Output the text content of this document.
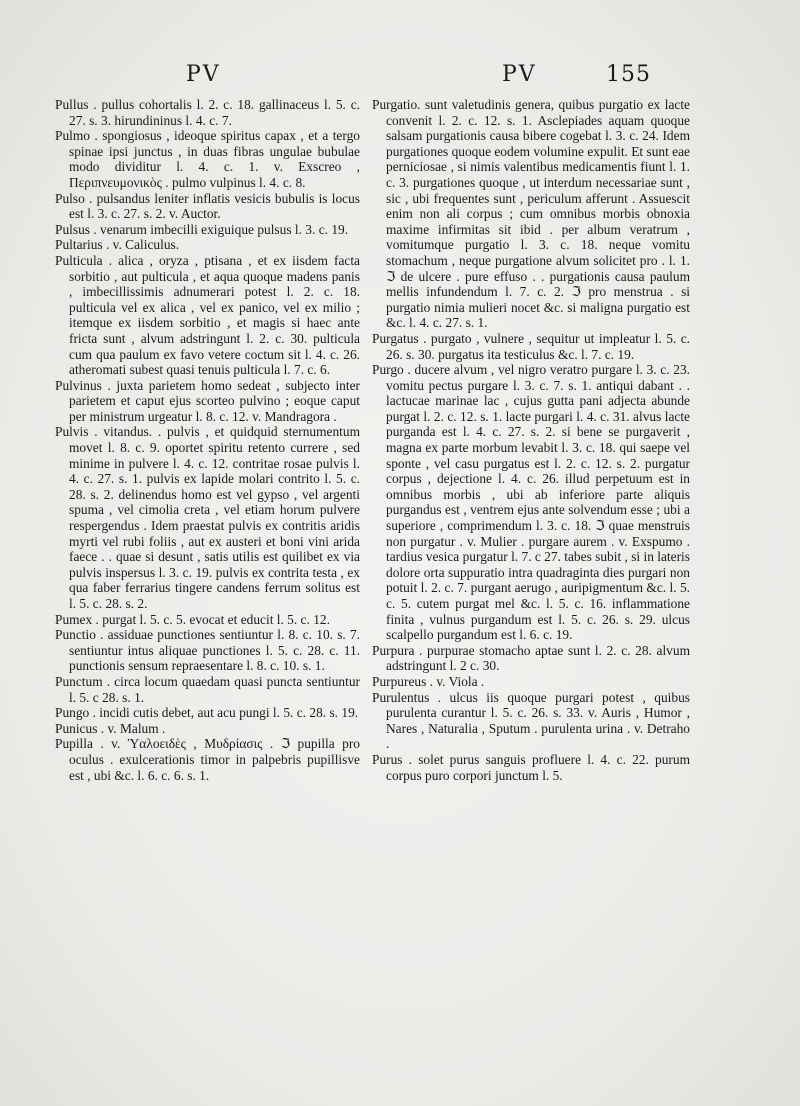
PV	PV	155

Pullus . pullus cohortalis l. 2. c. 18. gallinaceus l. 5. c. 27. s. 3. hirundininus l. 4. c. 7.

Pulmo . spongiosus , ideoque spiritus capax , et a tergo spinae ipsi junctus , in duas fibras ungulae bubulae modo dividitur l. 4. c. 1. v. Exscreo , Περιπνευμονικὸς . pulmo vulpinus l. 4. c. 8.

Pulso . pulsandus leniter inflatis vesicis bubulis is locus est l. 3. c. 27. s. 2. v. Auctor.

Pulsus . venarum imbecilli exiguique pulsus l. 3. c. 19.

Pultarius . v. Caliculus.

Pulticula . alica , oryza , ptisana , et ex iisdem facta sorbitio , aut pulticula , et aqua quoque madens panis , imbecillissimis adnumerari potest l. 2. c. 18. pulticula vel ex alica , vel ex panico, vel ex milio ; itemque ex iisdem sorbitio , et magis si haec ante fricta sunt , alvum adstringunt l. 2. c. 30. pulticula cum qua paulum ex favo vetere coctum sit l. 4. c. 26. atheromati subest quasi tenuis pulticula l. 7. c. 6.

Pulvinus . juxta parietem homo sedeat , subjecto inter parietem et caput ejus scorteo pulvino ; eoque caput per ministrum urgeatur l. 8. c. 12. v. Mandragora .

Pulvis . vitandus. . pulvis , et quidquid sternumentum movet l. 8. c. 9. oportet spiritu retento currere , sed minime in pulvere l. 4. c. 12. contritae rosae pulvis l. 4. c. 27. s. 1. pulvis ex lapide molari contrito l. 5. c. 28. s. 2. delinendus homo est vel gypso , vel argenti spuma , vel cimolia creta , vel etiam horum pulvere respergendus . Idem praestat pulvis ex contritis aridis myrti vel rubi foliis , aut ex austeri et boni vini arida faece . . quae si desunt , satis utilis est quilibet ex via pulvis inspersus l. 3. c. 19. pulvis ex contrita testa , ex qua faber ferrarius tingere candens ferrum solitus est l. 5. c. 28. s. 2.

Pumex . purgat l. 5. c. 5. evocat et educit l. 5. c. 12.

Punctio . assiduae punctiones sentiuntur l. 8. c. 10. s. 7. sentiuntur intus aliquae punctiones l. 5. c. 28. c. 11. punctionis sensum repraesentare l. 8. c. 10. s. 1.

Punctum . circa locum quaedam quasi puncta sentiuntur l. 5. c 28. s. 1.

Pungo . incidi cutis debet, aut acu pungi l. 5. c. 28. s. 19.

Punicus . v. Malum .

Pupilla . v. Ὑαλοειδὲς , Μυδρίασις . ℑ pupilla pro oculus . exulcerationis timor in palpebris pupillisve est , ubi &c. l. 6. c. 6. s. 1.

Purgatio. sunt valetudinis genera, quibus purgatio ex lacte convenit l. 2. c. 12. s. 1. Asclepiades aquam quoque salsam purgationis causa bibere cogebat l. 3. c. 24. Idem purgationes quoque eodem volumine expulit. Et sunt eae perniciosae , si nimis valentibus medicamentis fiunt l. 1. c. 3. purgationes quoque , ut interdum necessariae sunt , sic , ubi frequentes sunt , periculum afferunt . Assuescit enim non ali corpus ; cum omnibus morbis obnoxia maxime infirmitas sit ibid . per album veratrum , vomitumque purgatio l. 3. c. 18. neque vomitu stomachum , neque purgatione alvum solicitet pro . l. 1. ℑ de ulcere . pure effuso . . purgationis causa paulum mellis infundendum l. 7. c. 2. ℑ pro menstrua . si purgatio nimia mulieri nocet &c. si maligna purgatio est &c. l. 4. c. 27. s. 1.

Purgatus . purgato , vulnere , sequitur ut impleatur l. 5. c. 26. s. 30. purgatus ita testiculus &c. l. 7. c. 19.

Purgo . ducere alvum , vel nigro veratro purgare l. 3. c. 23. vomitu pectus purgare l. 3. c. 7. s. 1. antiqui dabant . . lactucae marinae lac , cujus gutta pani adjecta abunde purgat l. 2. c. 12. s. 1. lacte purgari l. 4. c. 31. alvus lacte purganda est l. 4. c. 27. s. 2. si bene se purgaverit , magna ex parte morbum levabit l. 3. c. 18. qui saepe vel sponte , vel casu purgatus est l. 2. c. 12. s. 2. purgatur corpus , dejectione l. 4. c. 26. illud perpetuum est in omnibus morbis , ubi ab inferiore parte aliquis purgandus est , ventrem ejus ante solvendum esse ; ubi a superiore , comprimendum l. 3. c. 18. ℑ quae menstruis non purgatur . v. Mulier . purgare aurem . v. Exspumo . tardius vesica purgatur l. 7. c 27. tabes subit , si in lateris dolore orta suppuratio intra quadraginta dies purgari non potuit l. 2. c. 7. purgant aerugo , auripigmentum &c. l. 5. c. 5. cutem purgat mel &c. l. 5. c. 16. inflammatione finita , vulnus purgandum est l. 5. c. 26. s. 29. ulcus scalpello purgandum est l. 6. c. 19.

Purpura . purpurae stomacho aptae sunt l. 2. c. 28. alvum adstringunt l. 2 c. 30.

Purpureus . v. Viola .

Purulentus . ulcus iis quoque purgari potest , quibus purulenta curantur l. 5. c. 26. s. 33. v. Auris , Humor , Nares , Naturalia , Sputum . purulenta urina . v. Detraho .

Purus . solet purus sanguis profluere l. 4. c. 22. purum corpus puro corpori junctum l. 5.
